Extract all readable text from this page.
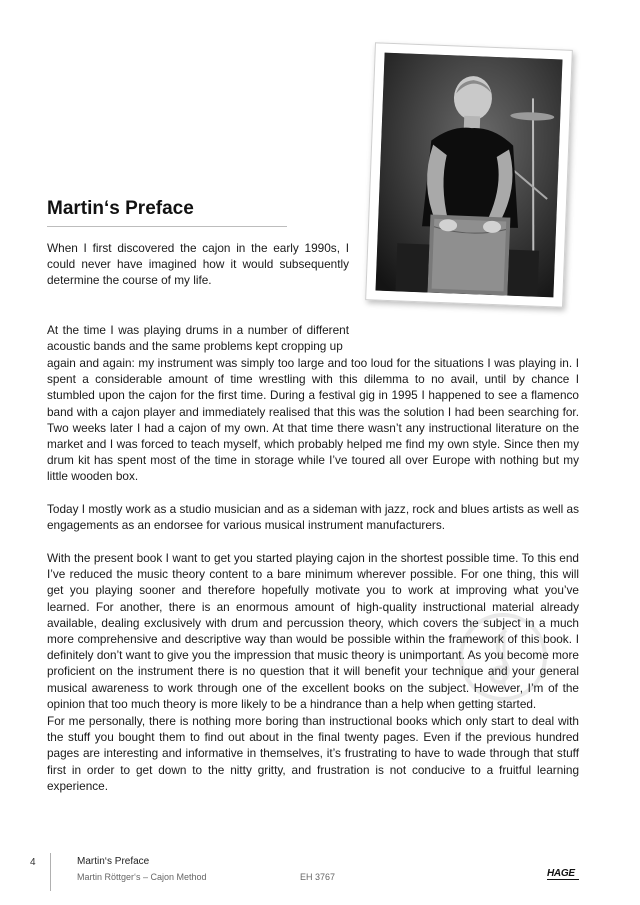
Martin‘s Preface

When I first discovered the cajon in the early 1990s, I could never have imagined how it would subsequently determine the course of my life.

At the time I was playing drums in a number of different acoustic bands and the same problems kept cropping up

again and again: my instrument was simply too large and too loud for the situations I was playing in. I spent a considerable amount of time wrestling with this dilemma to no avail, until by chance I stumbled upon the cajon for the first time. During a festival gig in 1995 I happened to see a flamenco band with a cajon player and immediately realised that this was the solution I had been searching for. Two weeks later I had a cajon of my own. At that time there wasn’t any instructional literature on the market and I was forced to teach myself, which probably helped me find my own style. Since then my drum kit has spent most of the time in storage while I’ve toured all over Europe with nothing but my little wooden box.

Today I mostly work as a studio musician and as a sideman with jazz, rock and blues artists as well as engagements as an endorsee for various musical instrument manufacturers.

With the present book I want to get you started playing cajon in the shortest possible time. To this end I’ve reduced the music theory content to a bare minimum wherever possible. For one thing, this will get you playing sooner and therefore hopefully motivate you to work at improving what you’ve learned. For another, there is an enormous amount of high-quality instructional material already available, dealing exclusively with drum and percussion theory, which covers the subject in a much more comprehensive and descriptive way than would be possible within the framework of this book. I definitely don’t want to give you the impression that music theory is unimportant. As you become more proficient on the instrument there is no question that it will benefit your technique and your general musical awareness to work through one of the excellent books on the subject. However, I’m of the opinion that too much theory is more likely to be a hindrance than a help when getting started.

For me personally, there is nothing more boring than instructional books which only start to deal with the stuff you bought them to find out about in the final twenty pages. Even if the previous hundred pages are interesting and informative in themselves, it’s frustrating to have to wade through that stuff first in order to get down to the nitty gritty, and frustration is not conducive to a fruitful learning experience.

4	Martin‘s Preface
Martin Röttger‘s – Cajon Method	EH 3767	HAGE
